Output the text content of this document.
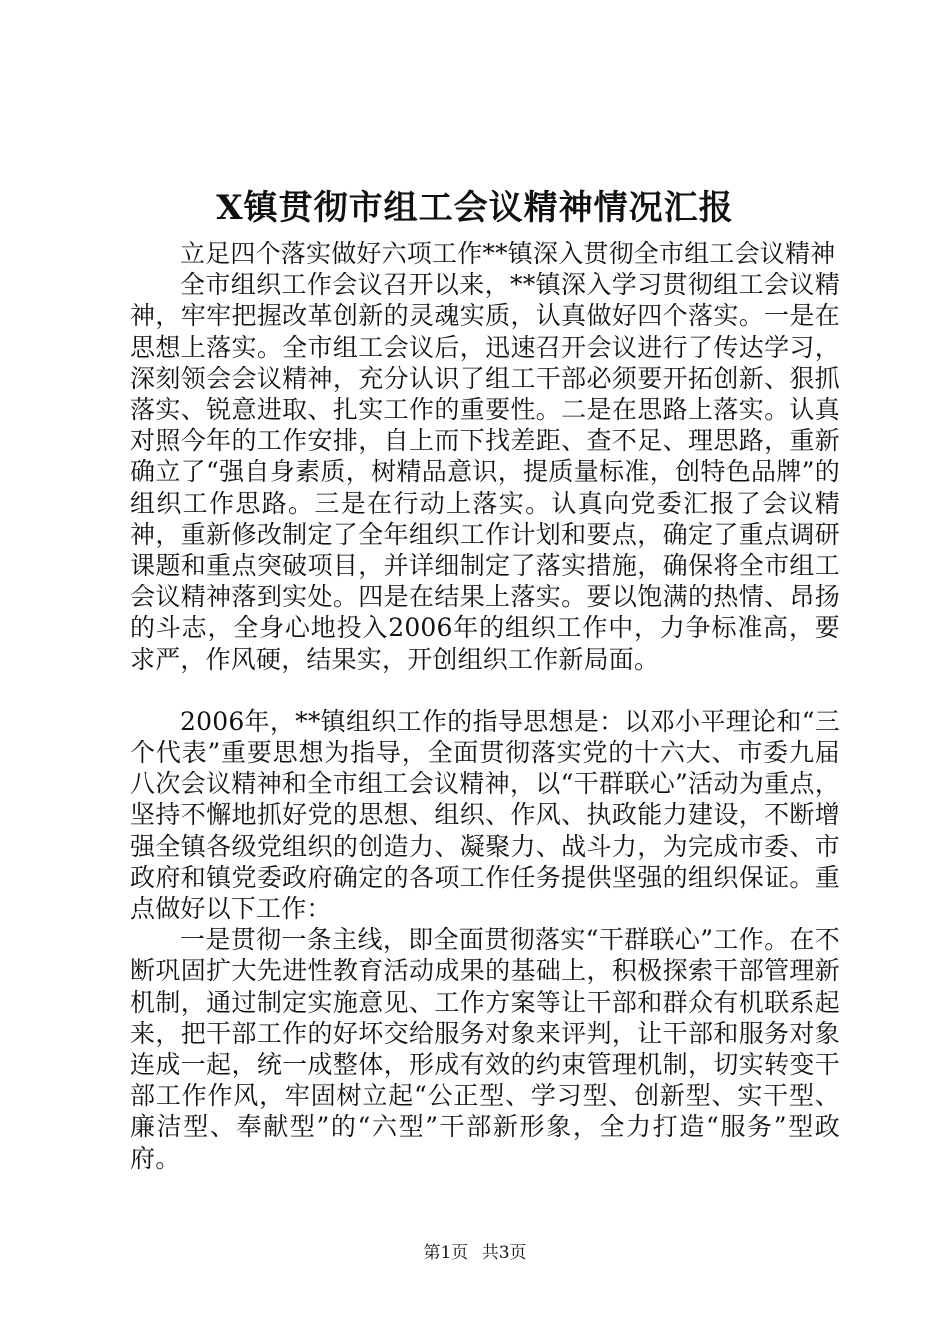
X镇贯彻市组工会议精神情况汇报

立足四个落实做好六项工作**镇深入贯彻全市组工会议精神

全市组织工作会议召开以来，**镇深入学习贯彻组工会议精神，牢牢把握改革创新的灵魂实质，认真做好四个落实。一是在思想上落实。全市组工会议后，迅速召开会议进行了传达学习，深刻领会会议精神，充分认识了组工干部必须要开拓创新、狠抓落实、锐意进取、扎实工作的重要性。二是在思路上落实。认真对照今年的工作安排，自上而下找差距、查不足、理思路，重新确立了“强自身素质，树精品意识，提质量标准，创特色品牌”的组织工作思路。三是在行动上落实。认真向党委汇报了会议精神，重新修改制定了全年组织工作计划和要点，确定了重点调研课题和重点突破项目，并详细制定了落实措施，确保将全市组工会议精神落到实处。四是在结果上落实。要以饱满的热情、昂扬的斗志，全身心地投入2006年的组织工作中，力争标准高，要求严，作风硬，结果实，开创组织工作新局面。

2006年，**镇组织工作的指导思想是：以邓小平理论和“三个代表”重要思想为指导，全面贯彻落实党的十六大、市委九届八次会议精神和全市组工会议精神，以“干群联心”活动为重点，坚持不懈地抓好党的思想、组织、作风、执政能力建设，不断增强全镇各级党组织的创造力、凝聚力、战斗力，为完成市委、市政府和镇党委政府确定的各项工作任务提供坚强的组织保证。重点做好以下工作：

一是贯彻一条主线，即全面贯彻落实“干群联心”工作。在不断巩固扩大先进性教育活动成果的基础上，积极探索干部管理新机制，通过制定实施意见、工作方案等让干部和群众有机联系起来，把干部工作的好坏交给服务对象来评判，让干部和服务对象连成一起，统一成整体，形成有效的约束管理机制，切实转变干部工作作风，牢固树立起“公正型、学习型、创新型、实干型、廉洁型、奉献型”的“六型”干部新形象，全力打造“服务”型政府。

第1页 共3页
